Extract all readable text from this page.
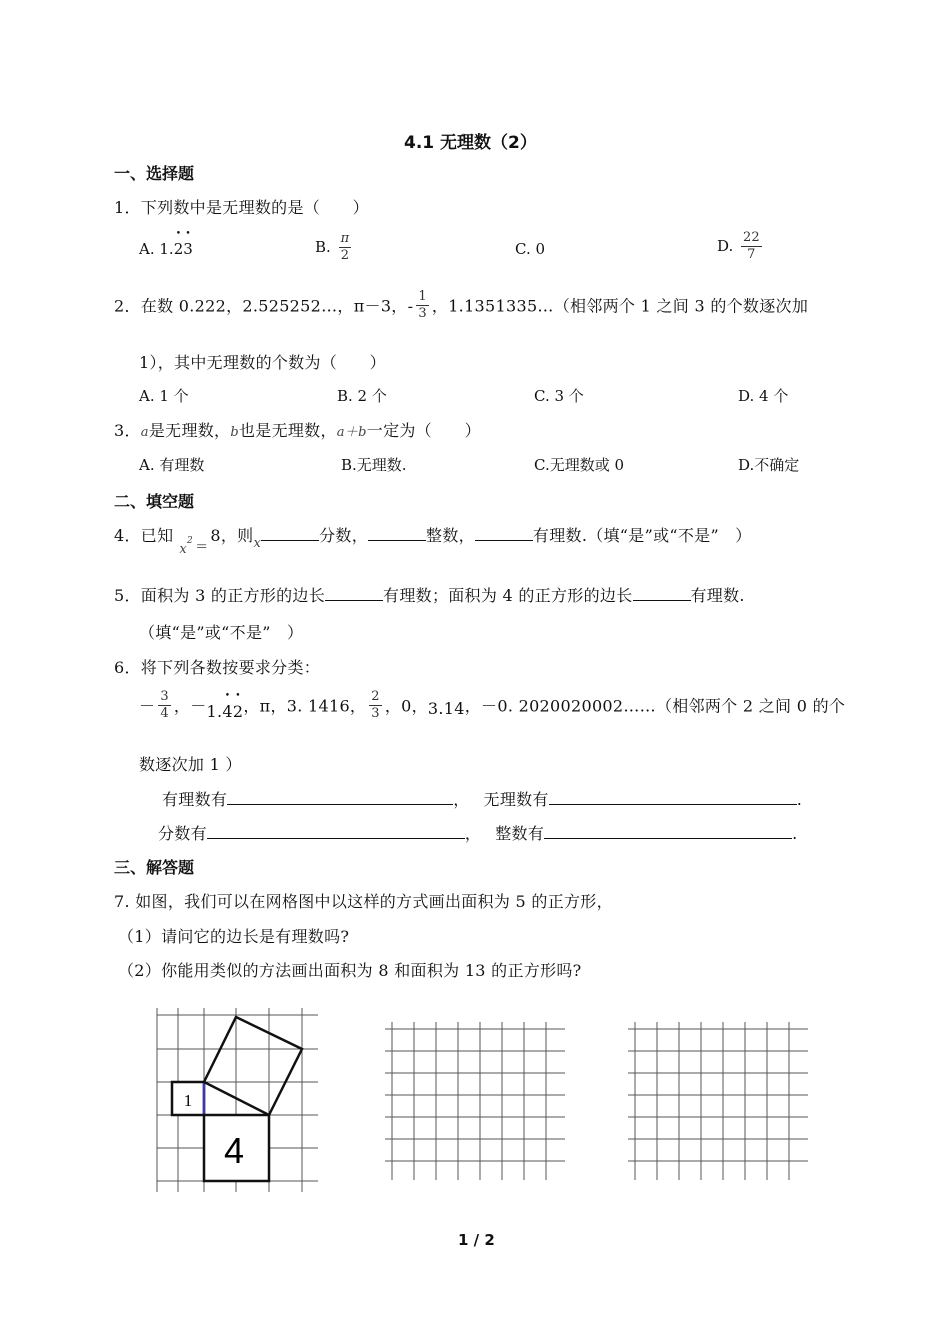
4.1 无理数（2）
一、选择题
1．下列数中是无理数的是（　　）
A. 1.• 2• 3	B. $\frac{\pi}{2}$	C. 0	D. $\frac{22}{7}$
2．在数 0.222，2.525252…，π－3，- $\frac{1}{3}$ ，1.1351335…（相邻两个 1 之间 3 的个数逐次加
1），其中无理数的个数为（　　）
A. 1 个	B. 2 个	C. 3 个	D. 4 个
3．a是无理数，b也是无理数，a＋b一定为（　　）
A. 有理数	B.无理数.	C.无理数或 0	D.不确定
二、填空题
4．已知$_x^2$ $_=$8，则$_x$	分数，	整数，	有理数.（填“是”或“不是”　）
5．面积为 3 的正方形的边长	有理数；面积为 4 的正方形的边长	有理数.
（填“是”或“不是”　）
6．将下列各数按要求分类：
－ $\frac{3}{4}$ ，－1.• 4• 2，π，3. 1416， $\frac{2}{3}$ ，0，3.14，－0. 2020020002……（相邻两个 2 之间 0 的个
数逐次加 1 ）
有理数有	， 无理数有	.
分数有	， 整数有	.
三、解答题
7. 如图，我们可以在网格图中以这样的方式画出面积为 5 的正方形，
（1）请问它的边长是有理数吗?
（2）你能用类似的方法画出面积为 8 和面积为 13 的正方形吗?
1
4
1 / 2
